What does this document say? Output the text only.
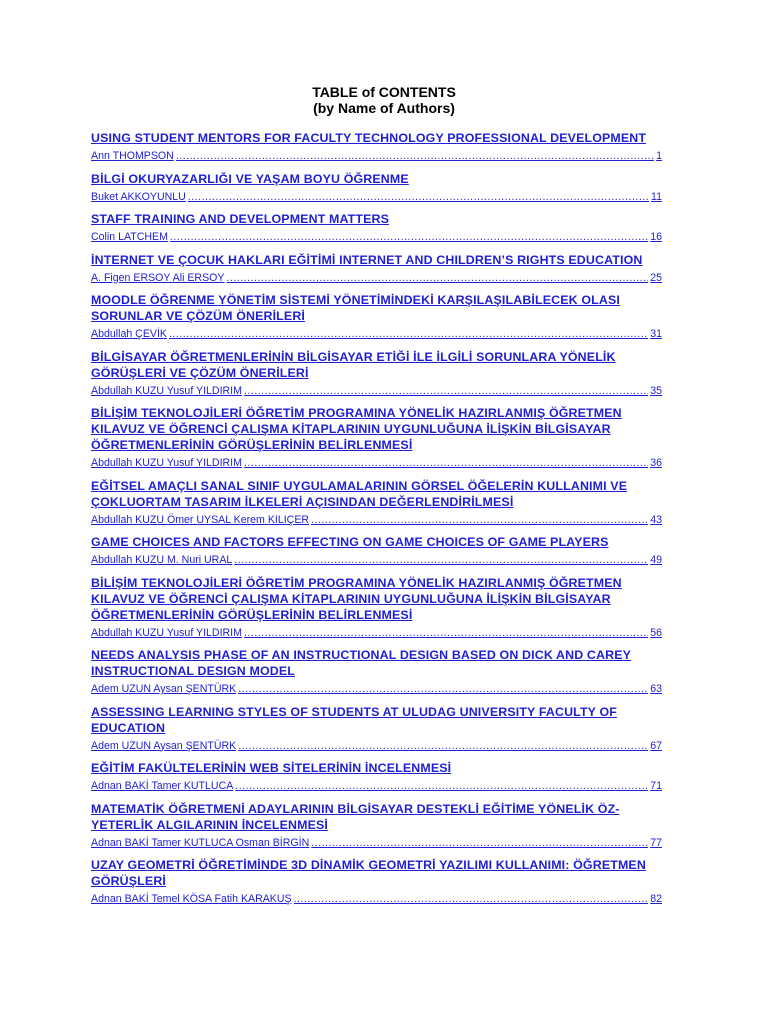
TABLE of CONTENTS
(by Name of Authors)
USING STUDENT MENTORS FOR FACULTY TECHNOLOGY PROFESSIONAL DEVELOPMENT
Ann THOMPSON .....	1
BİLGİ OKURYAZARLIĞI VE YAŞAM BOYU ÖĞRENME
Buket AKKOYUNLU .....	11
STAFF TRAINING AND DEVELOPMENT MATTERS
Colin LATCHEM .....	16
İNTERNET VE ÇOCUK HAKLARI EĞİTİMİ INTERNET AND CHILDREN’S RIGHTS EDUCATION
A. Figen ERSOY Ali ERSOY .....	25
MOODLE ÖĞRENME YÖNETİM SİSTEMİ YÖNETİMİNDEKİ KARŞILAŞILABİLECEK OLASI SORUNLAR VE ÇÖZÜM ÖNERİLERİ
Abdullah ÇEVİK .....	31
BİLGİSAYAR ÖĞRETMENLERİNİN BİLGİSAYAR ETİĞİ İLE İLGİLİ SORUNLARA YÖNELİK GÖRÜŞLERİ VE ÇÖZÜM ÖNERİLERİ
Abdullah KUZU Yusuf YILDIRIM .....	35
BİLİŞİM TEKNOLOJİLERİ ÖĞRETİM PROGRAMINA YÖNELİK HAZIRLANMIŞ ÖĞRETMEN KILAVUZ VE ÖĞRENCİ ÇALIŞMA KİTAPLARININ UYGUNLUĞUNA İLİŞKİN BİLGİSAYAR ÖĞRETMENLERİNİN GÖRÜŞLERİNİN BELİRLENMESİ
Abdullah KUZU Yusuf YILDIRIM .....	36
EĞİTSEL AMAÇLI SANAL SINIF UYGULAMALARININ GÖRSEL ÖĞELERİN KULLANIMI VE ÇOKLUORTAM TASARIM İLKELERİ AÇISINDAN DEĞERLENDİRİLMESİ
Abdullah KUZU Ömer UYSAL Kerem KILIÇER .....	43
GAME CHOICES AND FACTORS EFFECTING ON GAME CHOICES OF GAME PLAYERS
Abdullah KUZU M. Nuri URAL .....	49
BİLİŞİM TEKNOLOJİLERİ ÖĞRETİM PROGRAMINA YÖNELİK HAZIRLANMIŞ ÖĞRETMEN KILAVUZ VE ÖĞRENCİ ÇALIŞMA KİTAPLARININ UYGUNLUĞUNA İLİŞKİN BİLGİSAYAR ÖĞRETMENLERİNİN GÖRÜŞLERİNİN BELİRLENMESİ
Abdullah KUZU Yusuf YILDIRIM .....	56
NEEDS ANALYSIS PHASE OF AN INSTRUCTIONAL DESIGN BASED ON DICK AND CAREY INSTRUCTIONAL DESIGN MODEL
Adem UZUN Aysan ŞENTÜRK .....	63
ASSESSING LEARNING STYLES OF STUDENTS AT ULUDAG UNIVERSITY FACULTY OF EDUCATION
Adem UZUN Aysan ŞENTÜRK .....	67
EĞİTİM FAKÜLTELERİNİN WEB SİTELERİNİN İNCELENMESİ
Adnan BAKİ Tamer KUTLUCA .....	71
MATEMATİK ÖĞRETMENİ ADAYLARININ BİLGİSAYAR DESTEKLİ EĞİTİME YÖNELİK ÖZ-YETERLİK ALGILARININ İNCELENMESİ
Adnan BAKİ Tamer KUTLUCA Osman BİRGİN .....	77
UZAY GEOMETRİ ÖĞRETİMİNDE 3D DİNAMİK GEOMETRİ YAZILIMI KULLANIMI: ÖĞRETMEN GÖRÜŞLERİ
Adnan BAKİ Temel KÖSA Fatih KARAKUŞ .....	82
